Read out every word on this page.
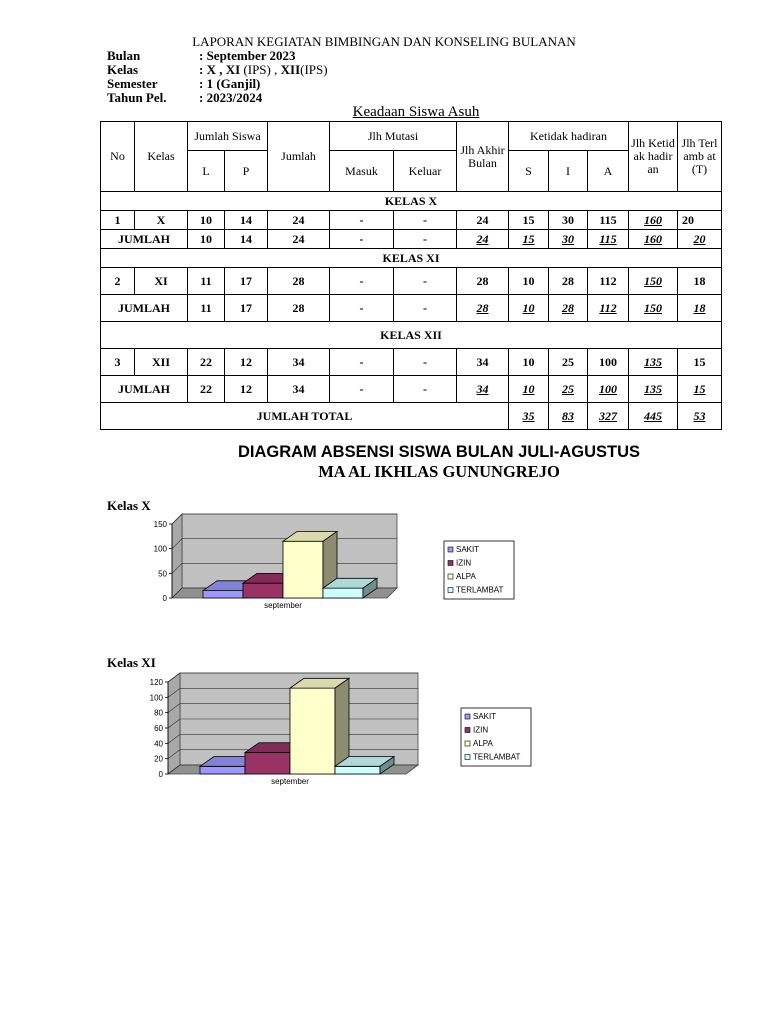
LAPORAN KEGIATAN BIMBINGAN DAN KONSELING BULANAN
Bulan	: September 2023
Kelas	: X , XI (IPS) , XII(IPS)
Semester	: 1 (Ganjil)
Tahun Pel.	: 2023/2024
Keadaan Siswa Asuh
No	Kelas	Jumlah Siswa		Jumlah	Jlh Mutasi		Jlh Akhir Bulan	Ketidak hadiran			Jlh Ketid ak hadir an	Jlh Terl amb at (T)
		L	P		Masuk	Keluar		S	I	A		
KELAS X												
1	X	10	14	24	-	-	24	15	30	115	160	20
JUMLAH		10	14	24	-	-	24	15	30	115	160	20
KELAS XI												
2	XI	11	17	28	-	-	28	10	28	112	150	18
JUMLAH		11	17	28	-	-	28	10	28	112	150	18
KELAS XII												
3	XII	22	12	34	-	-	34	10	25	100	135	15
JUMLAH		22	12	34	-	-	34	10	25	100	135	15
JUMLAH TOTAL								35	83	327	445	53
DIAGRAM ABSENSI SISWA BULAN JULI-AGUSTUS
MA AL IKHLAS GUNUNGREJO
Kelas X
Kelas XI
0
50
100
150
september
SAKIT
IZIN
ALPA
TERLAMBAT
0
20
40
60
80
100
120
september
SAKIT
IZIN
ALPA
TERLAMBAT
